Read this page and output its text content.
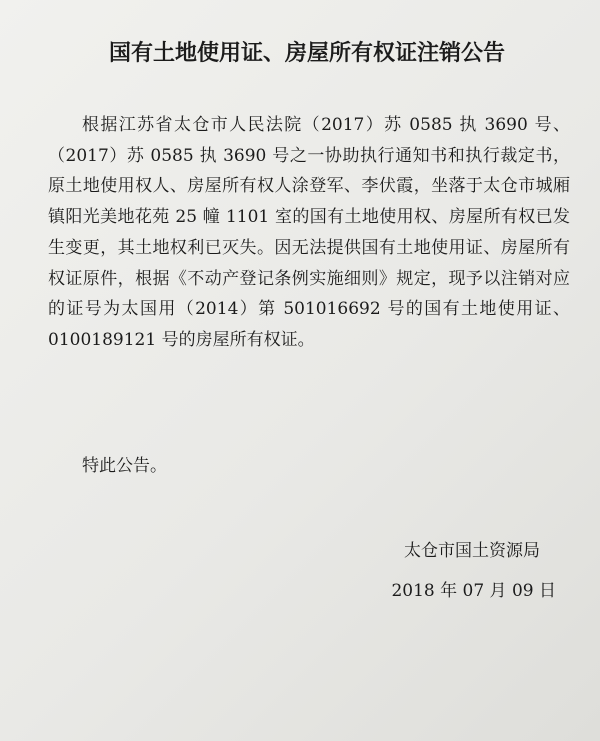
国有土地使用证、房屋所有权证注销公告

根据江苏省太仓市人民法院（2017）苏 0585 执 3690 号、（2017）苏 0585 执 3690 号之一协助执行通知书和执行裁定书，原土地使用权人、房屋所有权人涂登军、李伏霞，坐落于太仓市城厢镇阳光美地花苑 25 幢 1101 室的国有土地使用权、房屋所有权已发生变更，其土地权利已灭失。因无法提供国有土地使用证、房屋所有权证原件，根据《不动产登记条例实施细则》规定，现予以注销对应的证号为太国用（2014）第 501016692 号的国有土地使用证、0100189121 号的房屋所有权证。

特此公告。

太仓市国土资源局

2018 年 07 月 09 日
